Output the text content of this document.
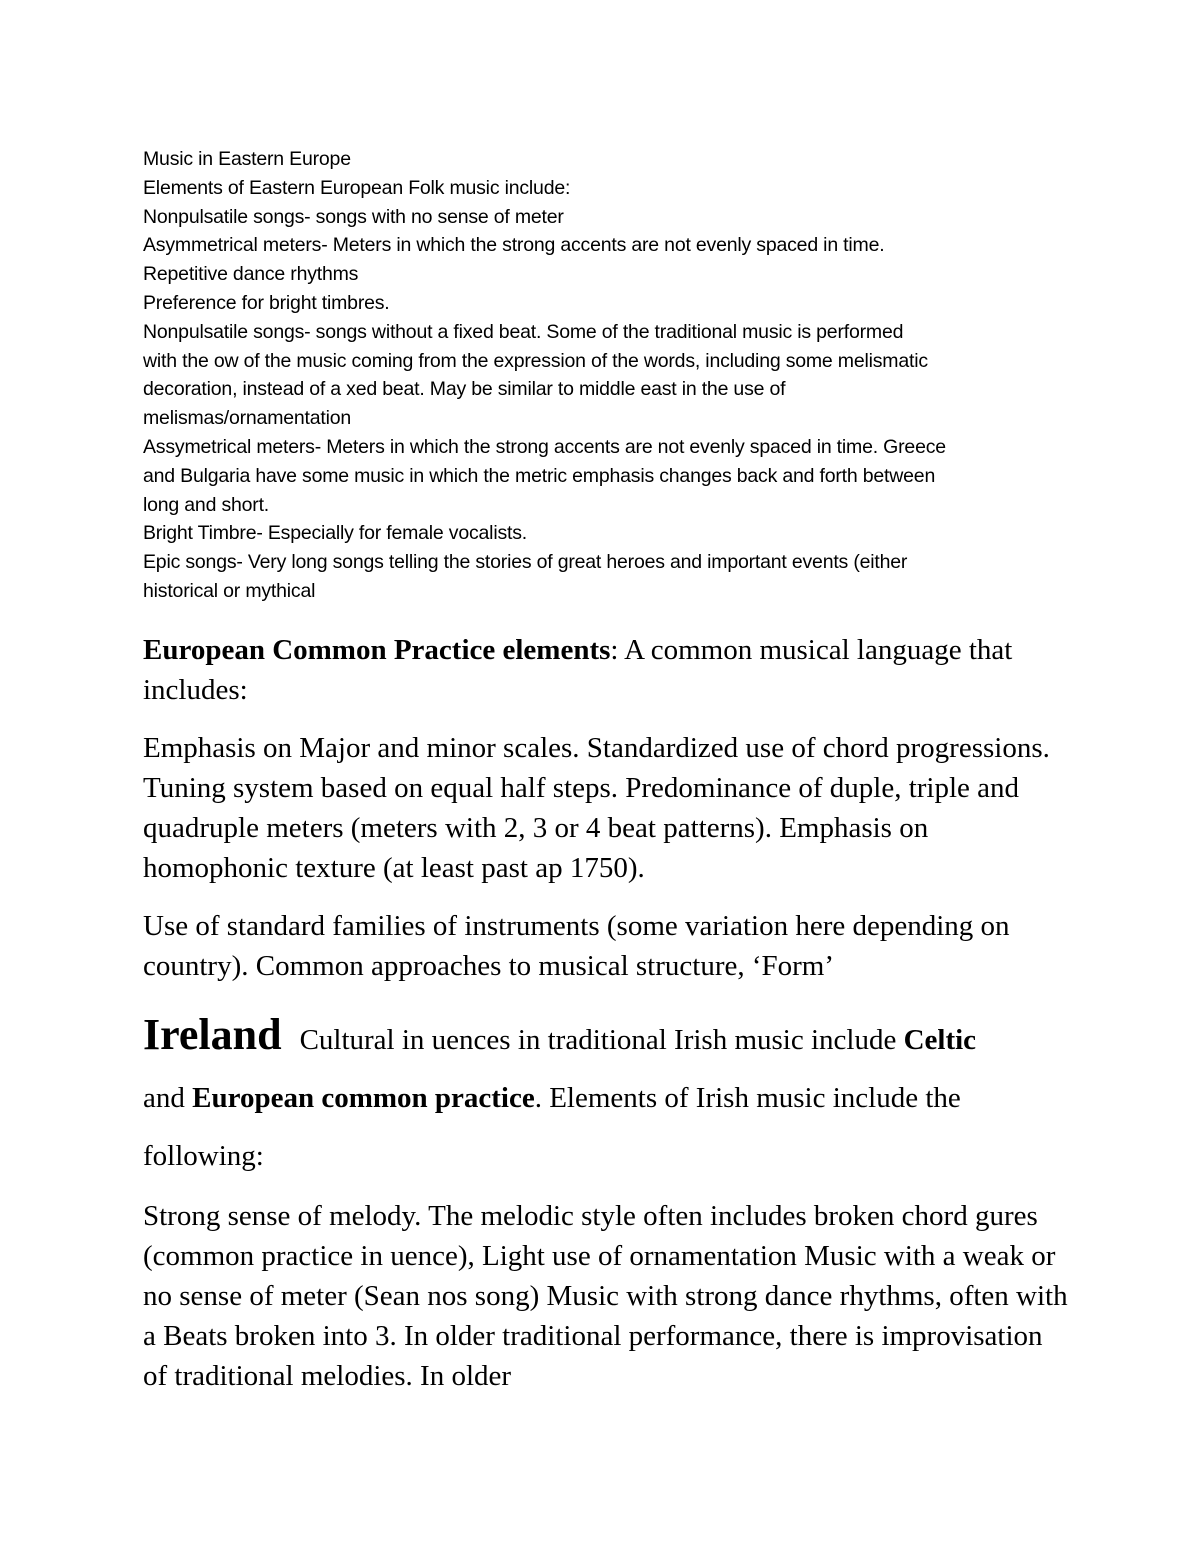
Music in Eastern Europe

Elements of Eastern European Folk music include:

Nonpulsatile songs- songs with no sense of meter

Asymmetrical meters- Meters in which the strong accents are not evenly spaced in time.

Repetitive dance rhythms

Preference for bright timbres.

Nonpulsatile songs- songs without a fixed beat. Some of the traditional music is performed

with the ow of the music coming from the expression of the words, including some melismatic

decoration, instead of a xed beat. May be similar to middle east in the use of

melismas/ornamentation

Assymetrical meters- Meters in which the strong accents are not evenly spaced in time. Greece

and Bulgaria have some music in which the metric emphasis changes back and forth between

long and short.

Bright Timbre- Especially for female vocalists.

Epic songs- Very long songs telling the stories of great heroes and important events (either

historical or mythical

European Common Practice elements: A common musical language that includes:

Emphasis on Major and minor scales. Standardized use of chord progressions. Tuning system based on equal half steps. Predominance of duple, triple and quadruple meters (meters with 2, 3 or 4 beat patterns). Emphasis on homophonic texture (at least past ap 1750).

Use of standard families of instruments (some variation here depending on country). Common approaches to musical structure, ‘Form’

Ireland Cultural in uences in traditional Irish music include Celtic

and European common practice. Elements of Irish music include the

following:

Strong sense of melody. The melodic style often includes broken chord gures (common practice in uence), Light use of ornamentation Music with a weak or no sense of meter (Sean nos song) Music with strong dance rhythms, often with a Beats broken into 3. In older traditional performance, there is improvisation of traditional melodies. In older
